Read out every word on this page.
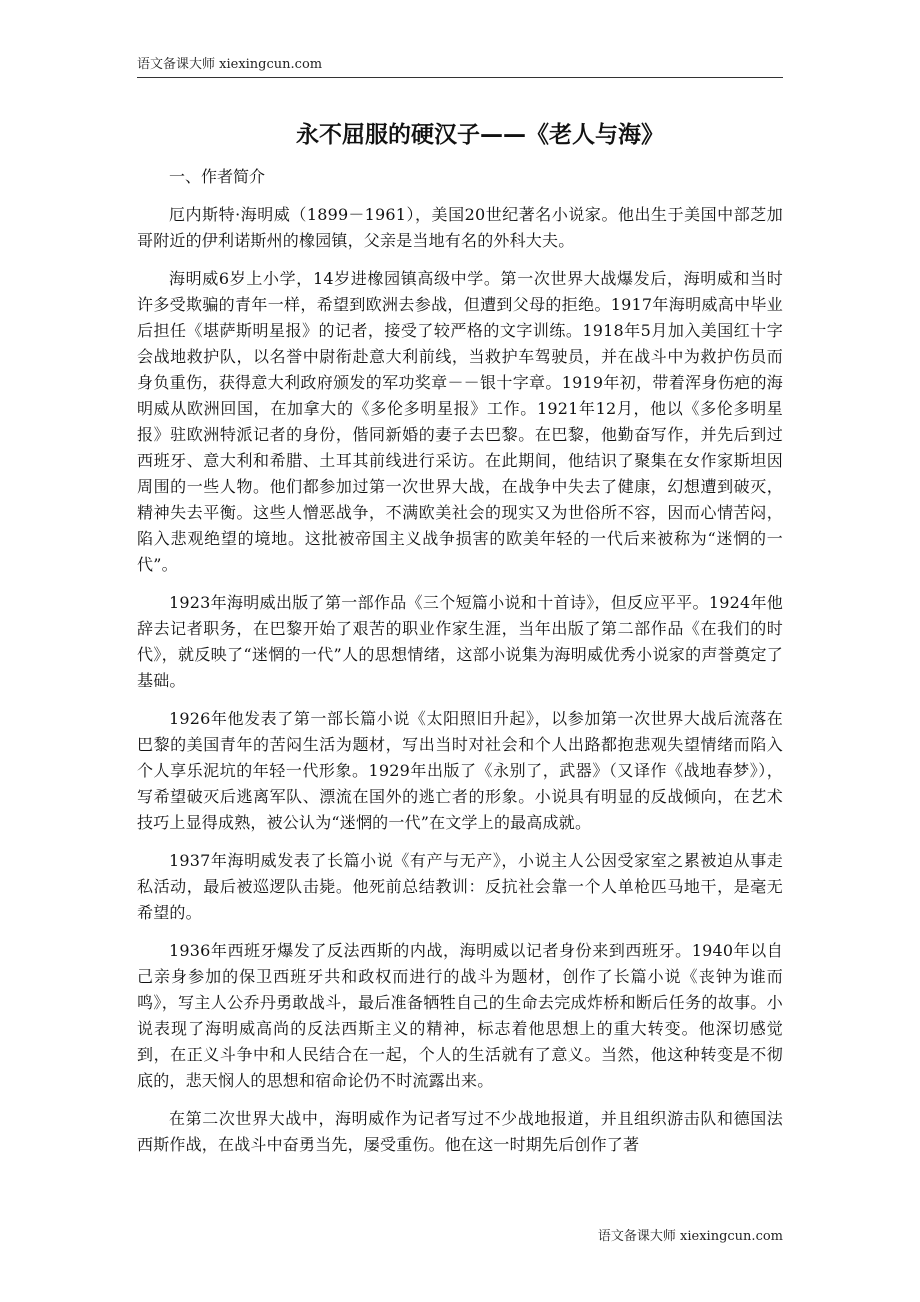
语文备课大师 xiexingcun.com
永不屈服的硬汉子——《老人与海》

一、作者简介

厄内斯特·海明威（1899－1961），美国20世纪著名小说家。他出生于美国中部芝加哥附近的伊利诺斯州的橡园镇，父亲是当地有名的外科大夫。

海明威6岁上小学，14岁进橡园镇高级中学。第一次世界大战爆发后，海明威和当时许多受欺骗的青年一样，希望到欧洲去参战，但遭到父母的拒绝。1917年海明威高中毕业后担任《堪萨斯明星报》的记者，接受了较严格的文字训练。1918年5月加入美国红十字会战地救护队，以名誉中尉衔赴意大利前线，当救护车驾驶员，并在战斗中为救护伤员而身负重伤，获得意大利政府颁发的军功奖章－－银十字章。1919年初，带着浑身伤疤的海明威从欧洲回国，在加拿大的《多伦多明星报》工作。1921年12月，他以《多伦多明星报》驻欧洲特派记者的身份，偕同新婚的妻子去巴黎。在巴黎，他勤奋写作，并先后到过西班牙、意大利和希腊、土耳其前线进行采访。在此期间，他结识了聚集在女作家斯坦因周围的一些人物。他们都参加过第一次世界大战，在战争中失去了健康，幻想遭到破灭，精神失去平衡。这些人憎恶战争，不满欧美社会的现实又为世俗所不容，因而心情苦闷，陷入悲观绝望的境地。这批被帝国主义战争损害的欧美年轻的一代后来被称为“迷惘的一代”。

1923年海明威出版了第一部作品《三个短篇小说和十首诗》，但反应平平。1924年他辞去记者职务，在巴黎开始了艰苦的职业作家生涯，当年出版了第二部作品《在我们的时代》，就反映了“迷惘的一代”人的思想情绪，这部小说集为海明威优秀小说家的声誉奠定了基础。

1926年他发表了第一部长篇小说《太阳照旧升起》，以参加第一次世界大战后流落在巴黎的美国青年的苦闷生活为题材，写出当时对社会和个人出路都抱悲观失望情绪而陷入个人享乐泥坑的年轻一代形象。1929年出版了《永别了，武器》（又译作《战地春梦》），写希望破灭后逃离军队、漂流在国外的逃亡者的形象。小说具有明显的反战倾向，在艺术技巧上显得成熟，被公认为“迷惘的一代”在文学上的最高成就。

1937年海明威发表了长篇小说《有产与无产》，小说主人公因受家室之累被迫从事走私活动，最后被巡逻队击毙。他死前总结教训：反抗社会靠一个人单枪匹马地干，是毫无希望的。

1936年西班牙爆发了反法西斯的内战，海明威以记者身份来到西班牙。1940年以自己亲身参加的保卫西班牙共和政权而进行的战斗为题材，创作了长篇小说《丧钟为谁而鸣》，写主人公乔丹勇敢战斗，最后准备牺牲自己的生命去完成炸桥和断后任务的故事。小说表现了海明威高尚的反法西斯主义的精神，标志着他思想上的重大转变。他深切感觉到，在正义斗争中和人民结合在一起，个人的生活就有了意义。当然，他这种转变是不彻底的，悲天悯人的思想和宿命论仍不时流露出来。

在第二次世界大战中，海明威作为记者写过不少战地报道，并且组织游击队和德国法西斯作战，在战斗中奋勇当先，屡受重伤。他在这一时期先后创作了著

语文备课大师 xiexingcun.com
